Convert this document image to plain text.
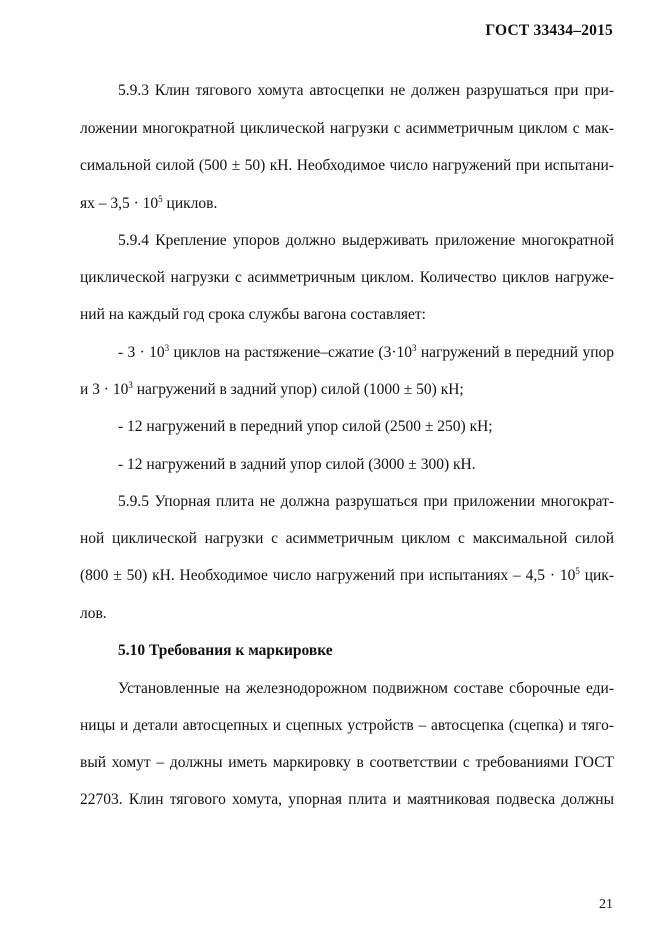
ГОСТ 33434–2015
5.9.3 Клин тягового хомута автосцепки не должен разрушаться при при-
ложении многократной циклической нагрузки с асимметричным циклом с мак-
симальной силой (500 ± 50) кН. Необходимое число нагружений при испытани-
ях – $3,5 \cdot 10^5$ циклов.
5.9.4 Крепление упоров должно выдерживать приложение многократной
циклической нагрузки с асимметричным циклом. Количество циклов нагруже-
ний на каждый год срока службы вагона составляет:
- $3 \cdot 10^3$ циклов на растяжение–сжатие ($3\cdot 10^3$ нагружений в передний упор
и $3 \cdot 10^3$ нагружений в задний упор) силой (1000 ± 50) кН;
- 12 нагружений в передний упор силой (2500 ± 250) кН;
- 12 нагружений в задний упор силой (3000 ± 300) кН.
5.9.5 Упорная плита не должна разрушаться при приложении многократ-
ной циклической нагрузки с асимметричным циклом с максимальной силой
(800 ± 50) кН. Необходимое число нагружений при испытаниях – $4,5 \cdot 10^5$ цик-
лов.
5.10 Требования к маркировке
Установленные на железнодорожном подвижном составе сборочные еди-
ницы и детали автосцепных и сцепных устройств – автосцепка (сцепка) и тяго-
вый хомут – должны иметь маркировку в соответствии с требованиями ГОСТ
22703. Клин тягового хомута, упорная плита и маятниковая подвеска должны
21
